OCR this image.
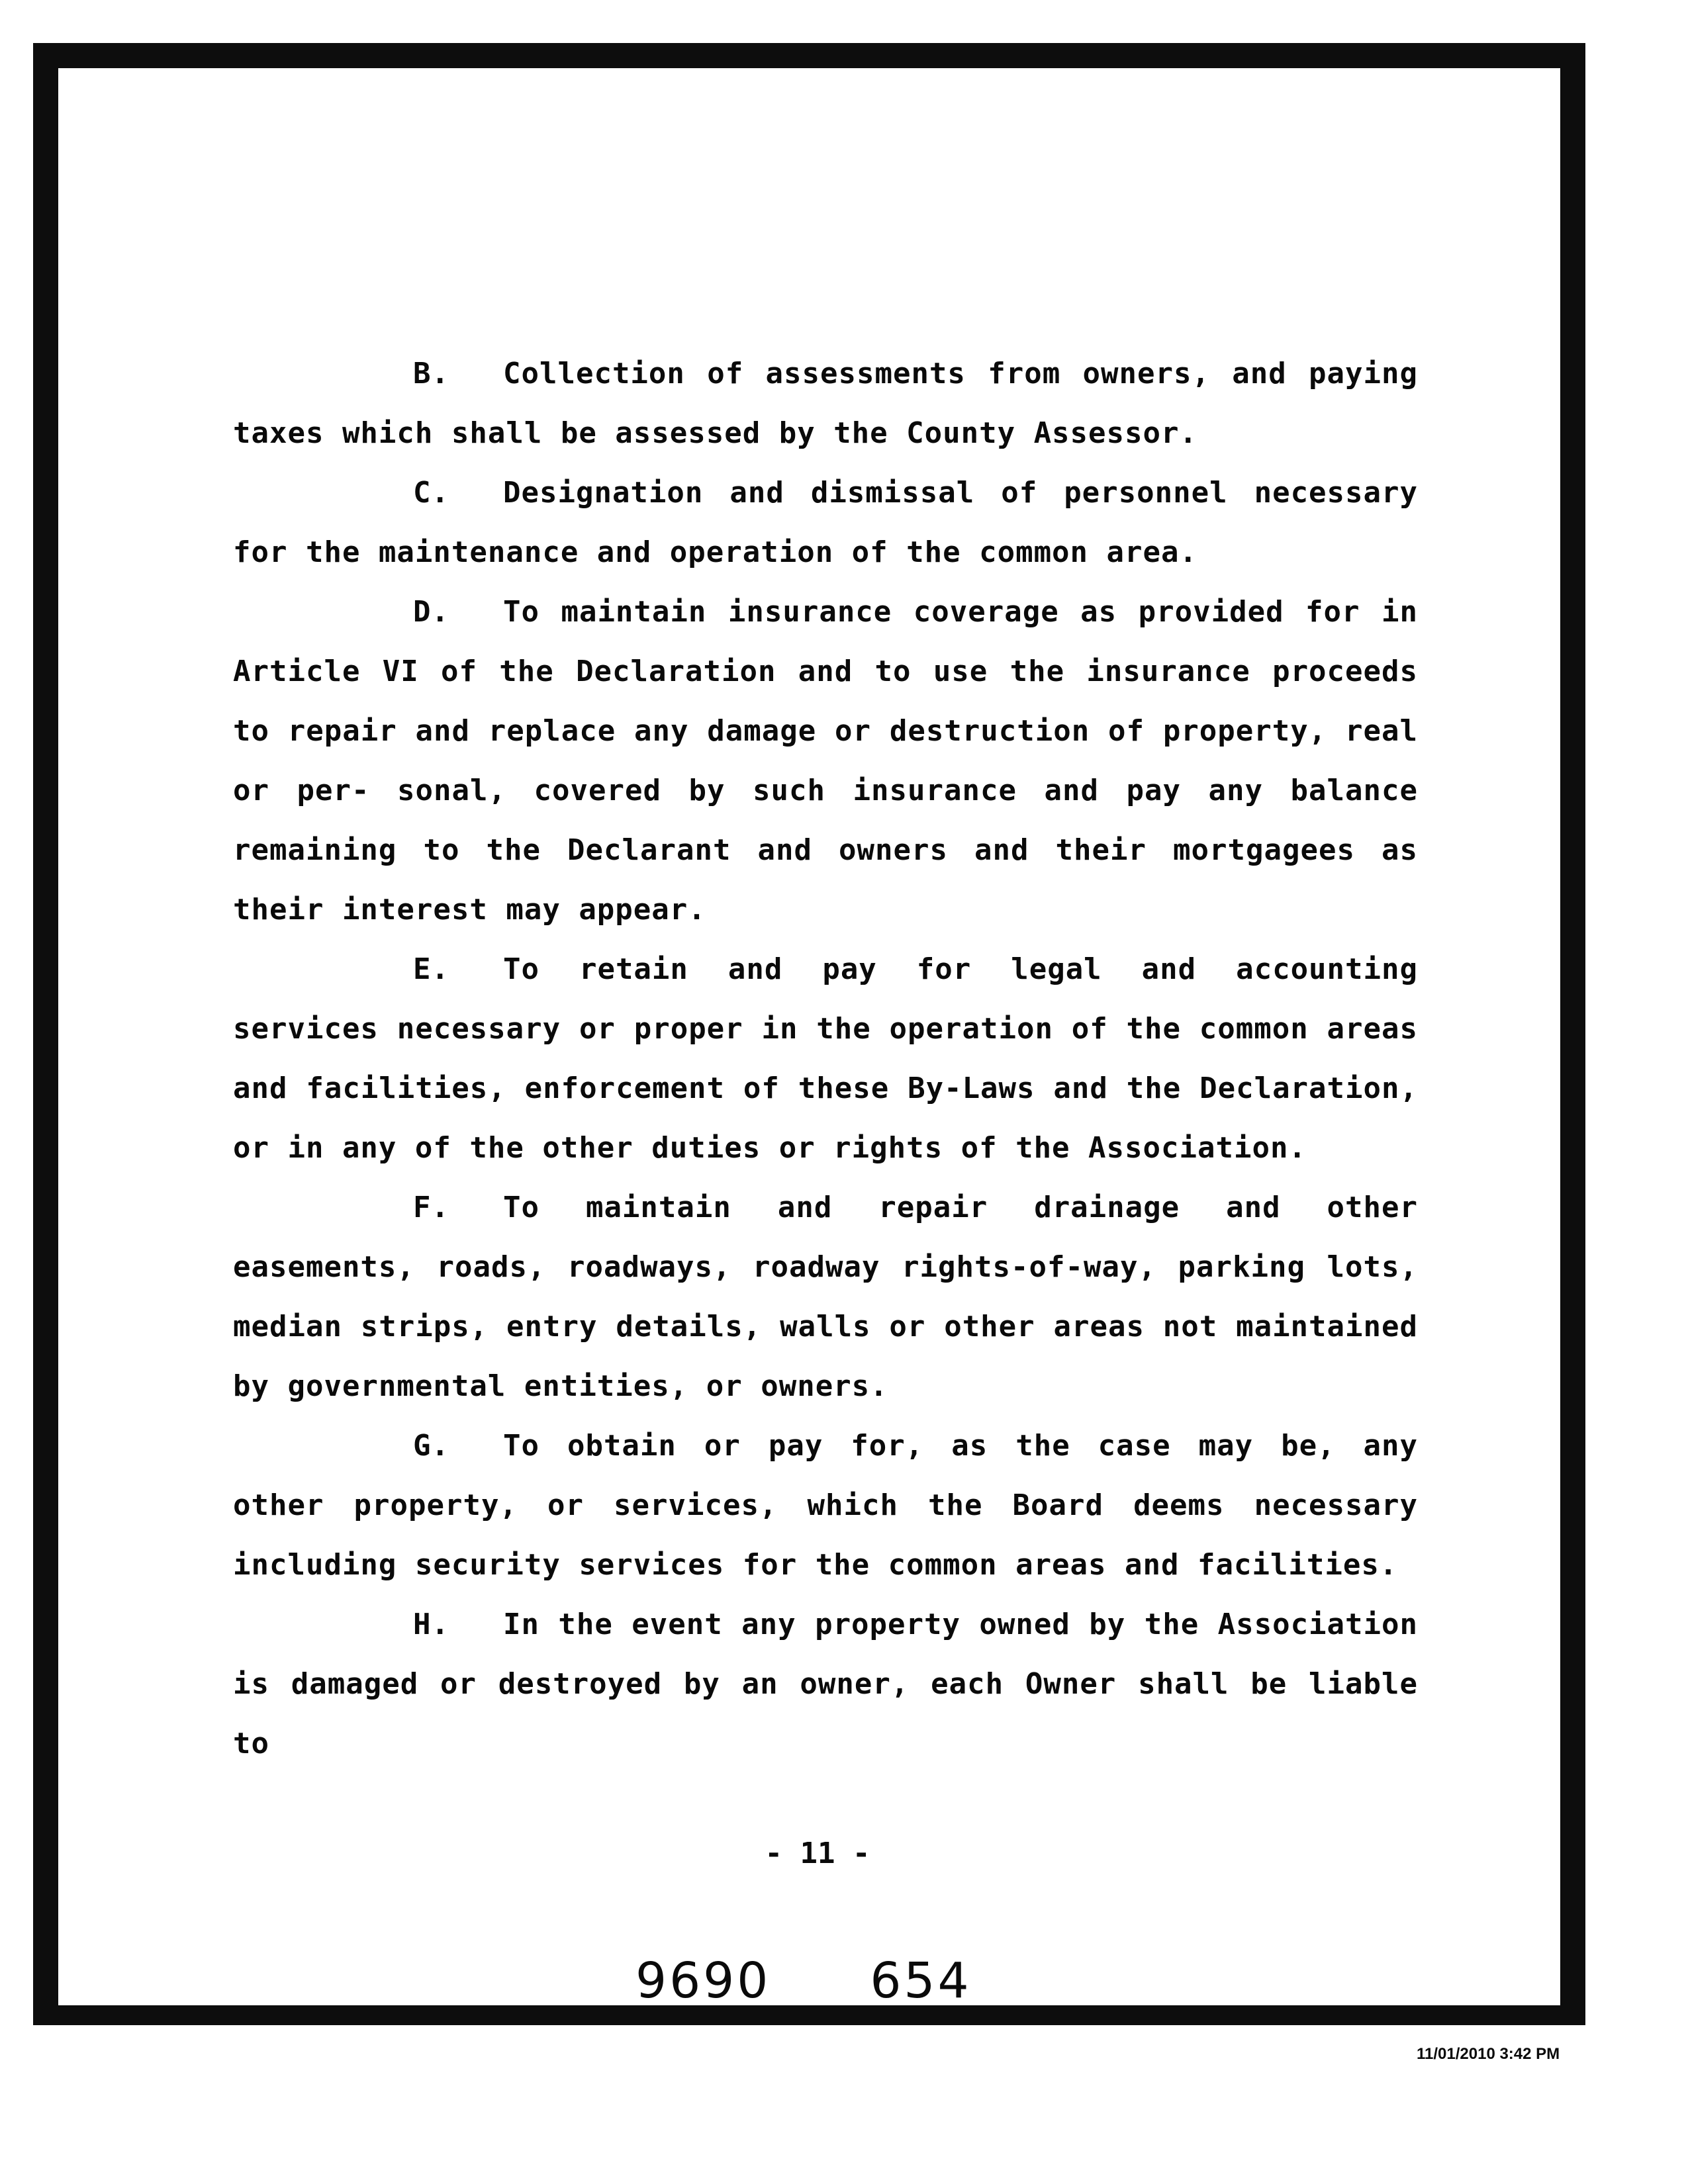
B. Collection of assessments from owners, and paying taxes which shall be assessed by the County Assessor.

C. Designation and dismissal of personnel necessary for the maintenance and operation of the common area.

D. To maintain insurance coverage as provided for in Article VI of the Declaration and to use the insurance proceeds to repair and replace any damage or destruction of property, real or per- sonal, covered by such insurance and pay any balance remaining to the Declarant and owners and their mortgagees as their interest may appear.

E. To retain and pay for legal and accounting services necessary or proper in the operation of the common areas and facilities, enforcement of these By-Laws and the Declaration, or in any of the other duties or rights of the Association.

F. To maintain and repair drainage and other easements, roads, roadways, roadway rights-of-way, parking lots, median strips, entry details, walls or other areas not maintained by governmental entities, or owners.

G. To obtain or pay for, as the case may be, any other property, or services, which the Board deems necessary including security services for the common areas and facilities.

H. In the event any property owned by the Association is damaged or destroyed by an owner, each Owner shall be liable to

- 11 -
9690 654
11/01/2010 3:42 PM
